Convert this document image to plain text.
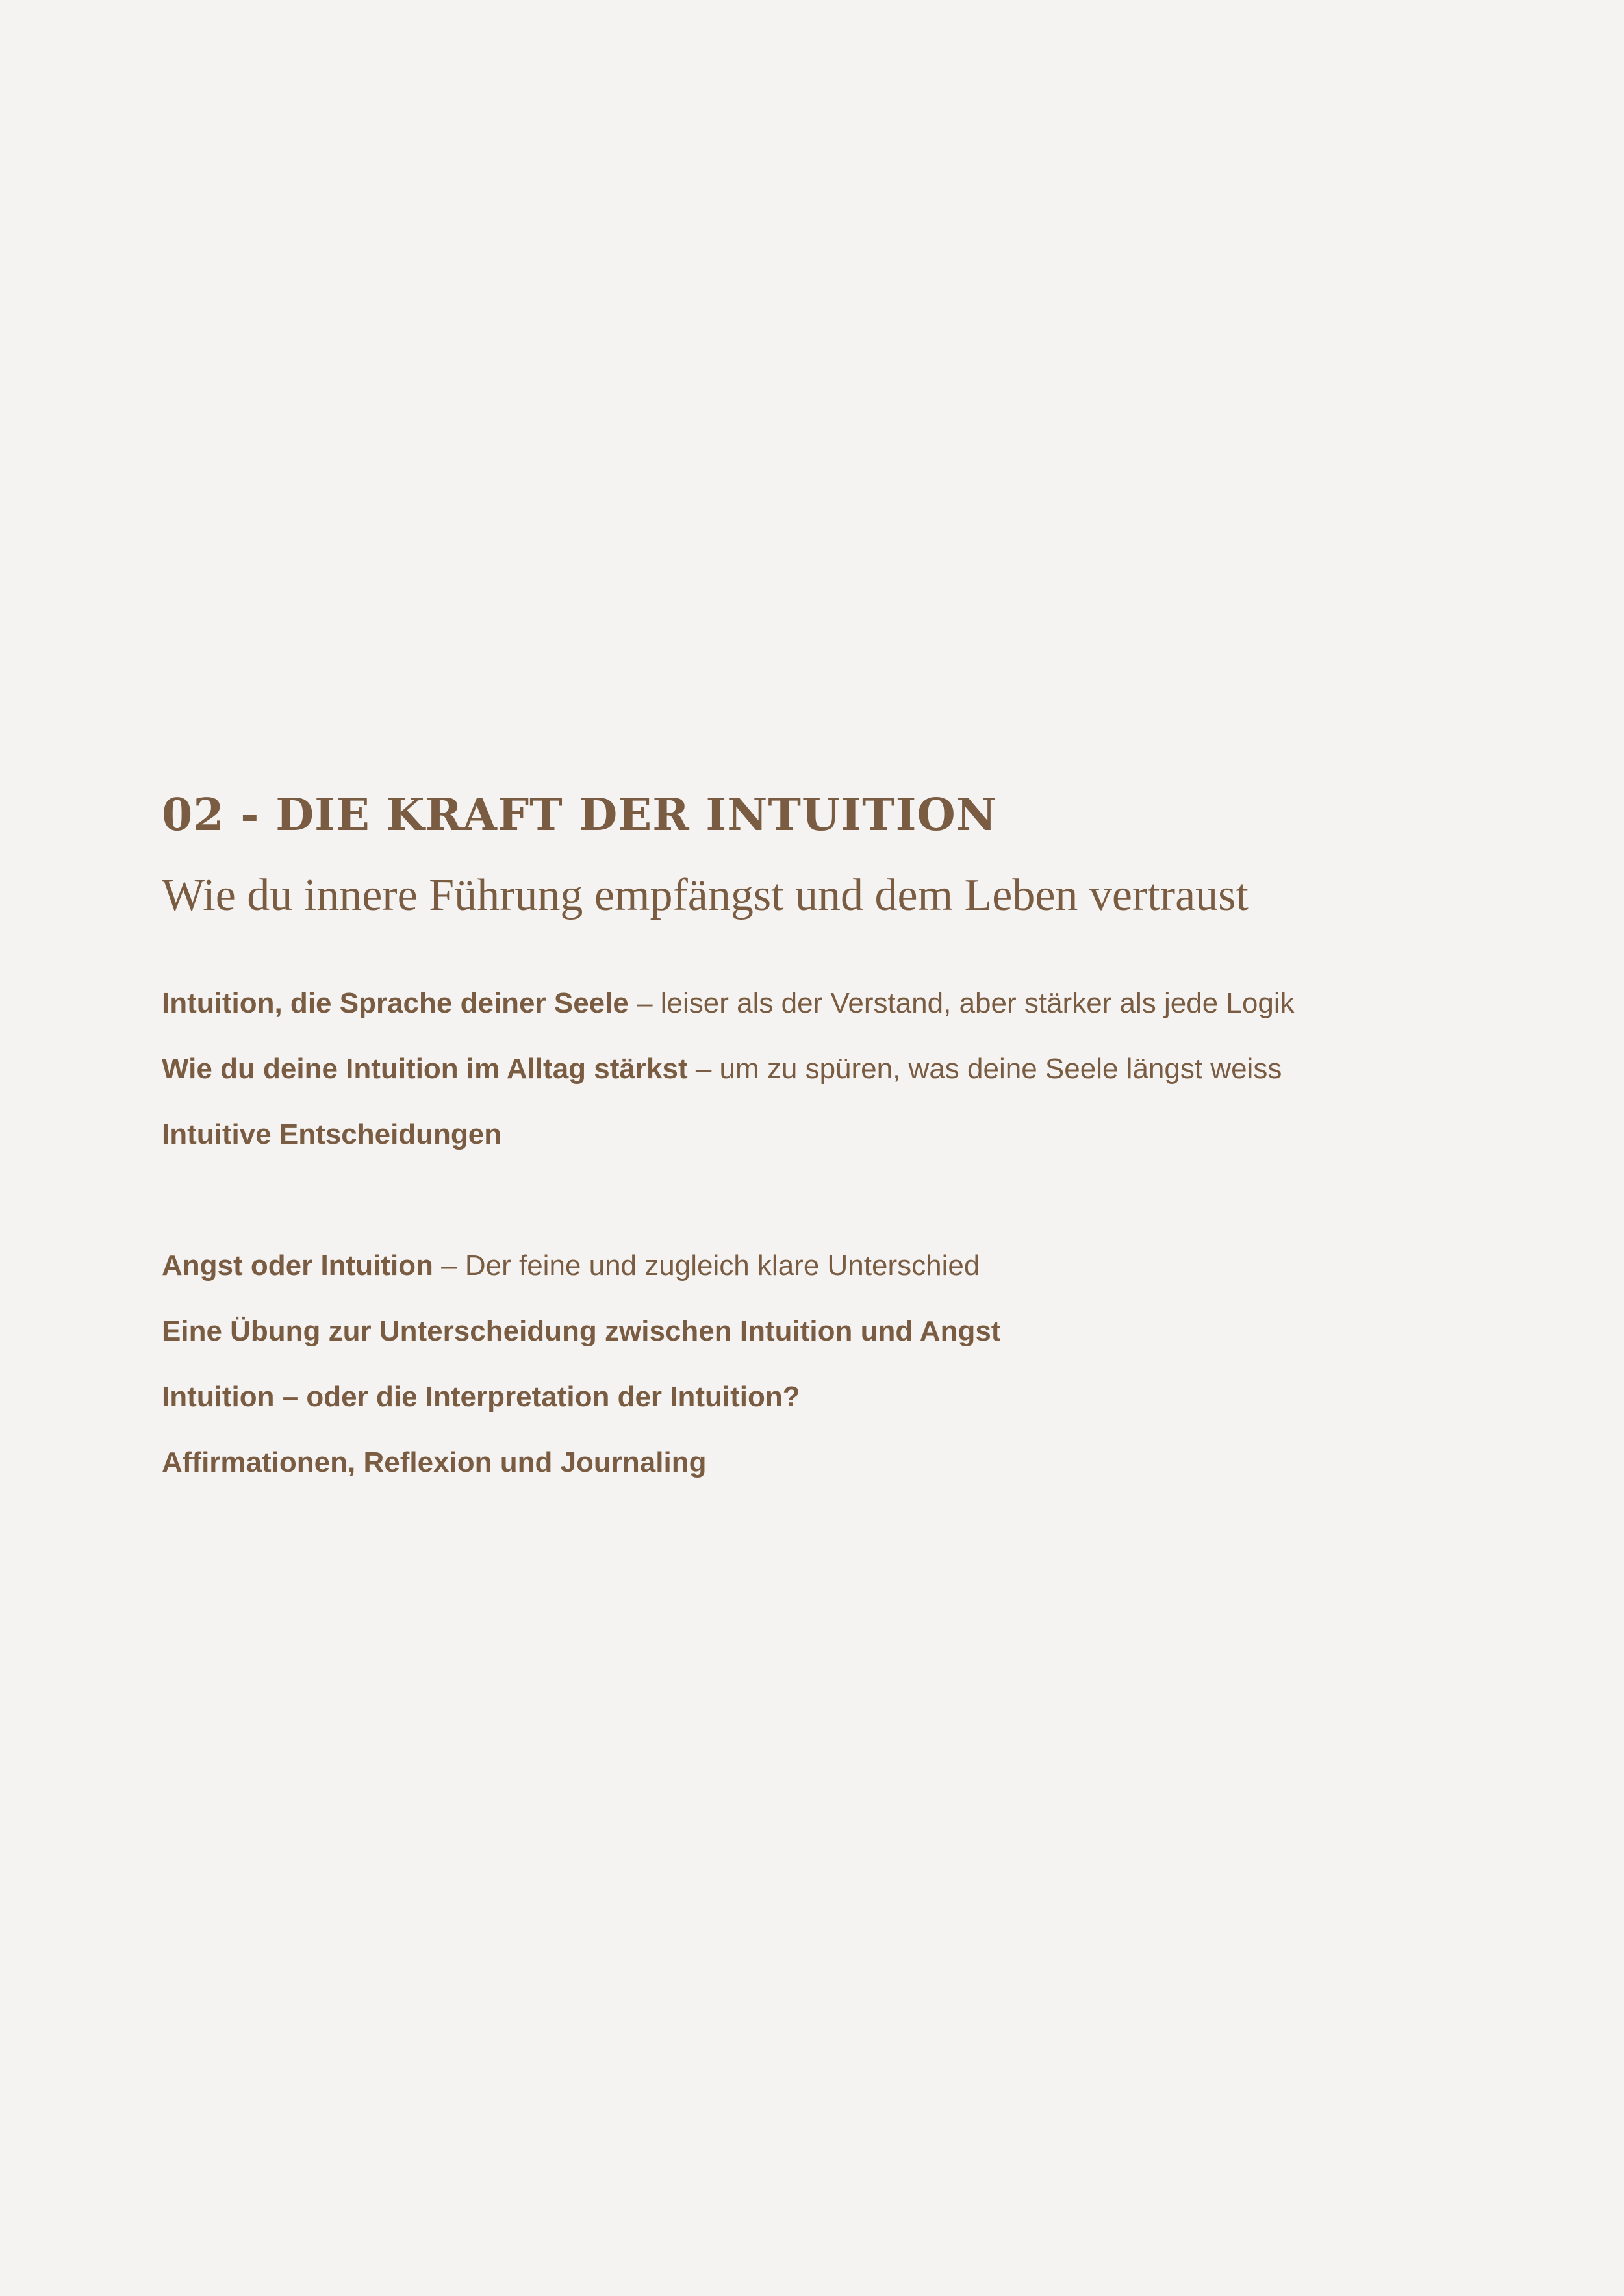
02 - DIE KRAFT DER INTUITION
Wie du innere Führung empfängst und dem Leben vertraust
Intuition, die Sprache deiner Seele – leiser als der Verstand, aber stärker als jede Logik
Wie du deine Intuition im Alltag stärkst – um zu spüren, was deine Seele längst weiss
Intuitive Entscheidungen
Angst oder Intuition – Der feine und zugleich klare Unterschied
Eine Übung zur Unterscheidung zwischen Intuition und Angst
Intuition – oder die Interpretation der Intuition?
Affirmationen, Reflexion und Journaling
